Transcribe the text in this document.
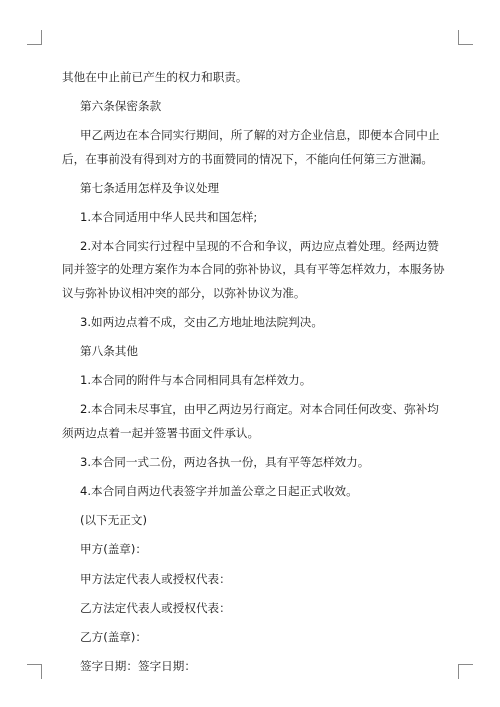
其他在中止前已产生的权力和职责。

第六条保密条款

甲乙两边在本合同实行期间，所了解的对方企业信息，即便本合同中止后，在事前没有得到对方的书面赞同的情况下，不能向任何第三方泄漏。

第七条适用怎样及争议处理

1.本合同适用中华人民共和国怎样;

2.对本合同实行过程中呈现的不合和争议，两边应点着处理。经两边赞同并签字的处理方案作为本合同的弥补协议，具有平等怎样效力，本服务协议与弥补协议相冲突的部分，以弥补协议为准。

3.如两边点着不成，交由乙方地址地法院判决。

第八条其他

1.本合同的附件与本合同相同具有怎样效力。

2.本合同未尽事宜，由甲乙两边另行商定。对本合同任何改变、弥补均须两边点着一起并签署书面文件承认。

3.本合同一式二份，两边各执一份，具有平等怎样效力。

4.本合同自两边代表签字并加盖公章之日起正式收效。

(以下无正文)

甲方(盖章)：

甲方法定代表人或授权代表：

乙方法定代表人或授权代表：

乙方(盖章)：

签字日期：签字日期：
